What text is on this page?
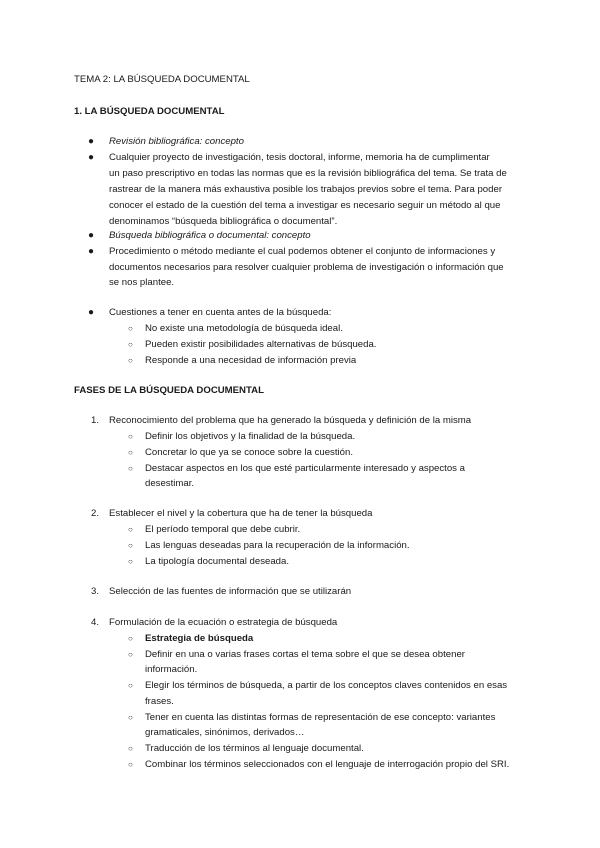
TEMA 2: LA BÚSQUEDA DOCUMENTAL
1. LA BÚSQUEDA DOCUMENTAL
● Revisión bibliográfica: concepto
● Cualquier proyecto de investigación, tesis doctoral, informe, memoria ha de cumplimentar
un paso prescriptivo en todas las normas que es la revisión bibliográfica del tema. Se trata de
rastrear de la manera más exhaustiva posible los trabajos previos sobre el tema. Para poder
conocer el estado de la cuestión del tema a investigar es necesario seguir un método al que
denominamos “búsqueda bibliográfica o documental”.
● Búsqueda bibliográfica o documental: concepto
● Procedimiento o método mediante el cual podemos obtener el conjunto de informaciones y
documentos necesarios para resolver cualquier problema de investigación o información que
se nos plantee.
● Cuestiones a tener en cuenta antes de la búsqueda:
○ No existe una metodología de búsqueda ideal.
○ Pueden existir posibilidades alternativas de búsqueda.
○ Responde a una necesidad de información previa
FASES DE LA BÚSQUEDA DOCUMENTAL
1. Reconocimiento del problema que ha generado la búsqueda y definición de la misma
○ Definir los objetivos y la finalidad de la búsqueda.
○ Concretar lo que ya se conoce sobre la cuestión.
○ Destacar aspectos en los que esté particularmente interesado y aspectos a
desestimar.
2. Establecer el nivel y la cobertura que ha de tener la búsqueda
○ El período temporal que debe cubrir.
○ Las lenguas deseadas para la recuperación de la información.
○ La tipología documental deseada.
3. Selección de las fuentes de información que se utilizarán
4. Formulación de la ecuación o estrategia de búsqueda
○ Estrategia de búsqueda
○ Definir en una o varias frases cortas el tema sobre el que se desea obtener
información.
○ Elegir los términos de búsqueda, a partir de los conceptos claves contenidos en esas
frases.
○ Tener en cuenta las distintas formas de representación de ese concepto: variantes
gramaticales, sinónimos, derivados…
○ Traducción de los términos al lenguaje documental.
○ Combinar los términos seleccionados con el lenguaje de interrogación propio del SRI.
